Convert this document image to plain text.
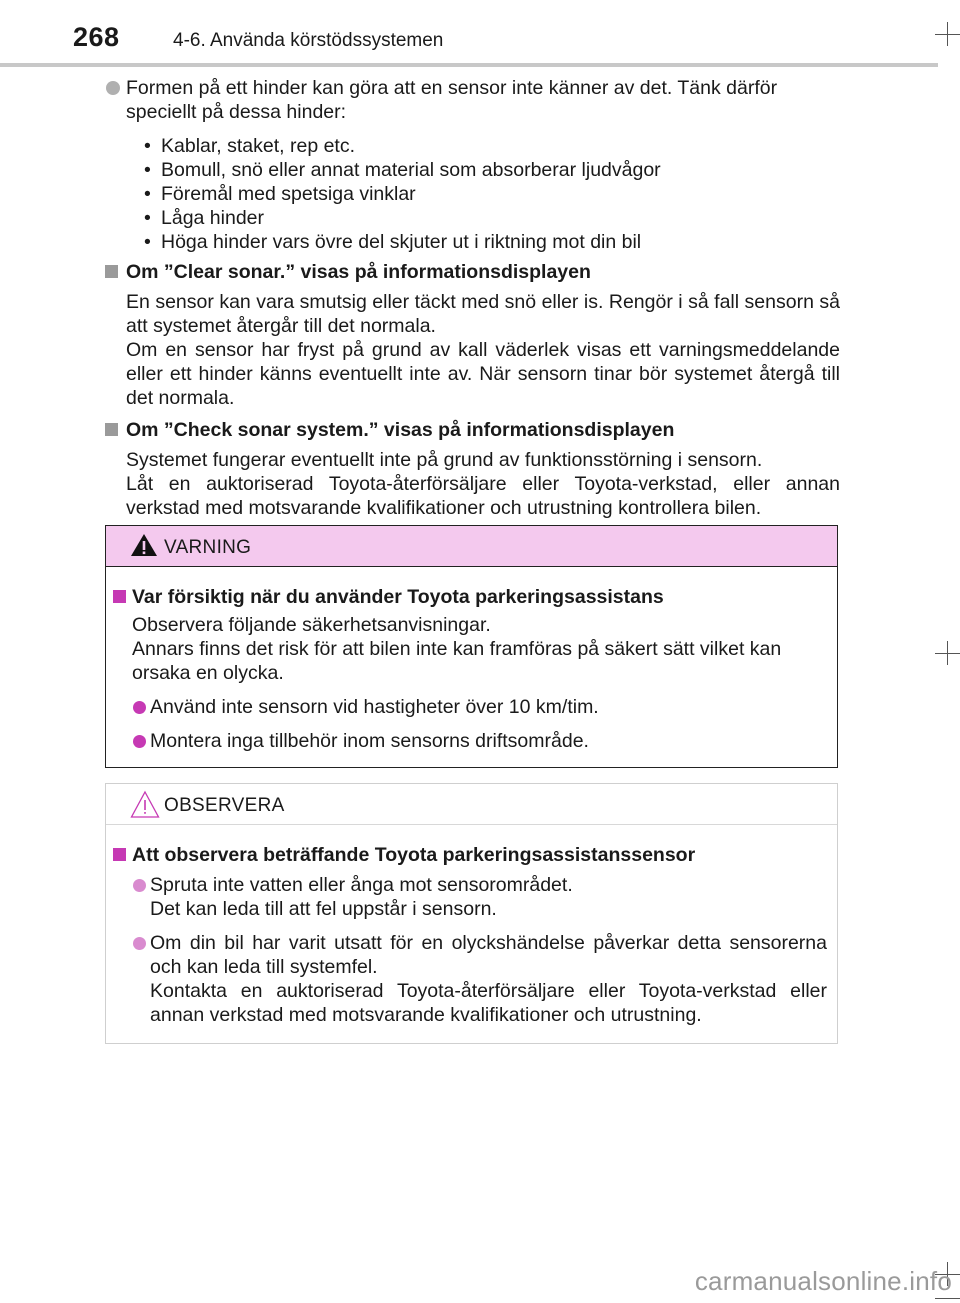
268	4-6. Använda körstödssystemen
Formen på ett hinder kan göra att en sensor inte känner av det. Tänk därför speciellt på dessa hinder:
• Kablar, staket, rep etc.
• Bomull, snö eller annat material som absorberar ljudvågor
• Föremål med spetsiga vinklar
• Låga hinder
• Höga hinder vars övre del skjuter ut i riktning mot din bil
Om ”Clear sonar.” visas på informationsdisplayen

En sensor kan vara smutsig eller täckt med snö eller is. Rengör i så fall sensorn så att systemet återgår till det normala.

Om en sensor har fryst på grund av kall väderlek visas ett varningsmeddelande eller ett hinder känns eventuellt inte av. När sensorn tinar bör systemet återgå till det normala.

Om ”Check sonar system.” visas på informationsdisplayen

Systemet fungerar eventuellt inte på grund av funktionsstörning i sensorn.

Låt en auktoriserad Toyota-återförsäljare eller Toyota-verkstad, eller annan verkstad med motsvarande kvalifikationer och utrustning kontrollera bilen.

VARNING
Var försiktig när du använder Toyota parkeringsassistans

Observera följande säkerhetsanvisningar.

Annars finns det risk för att bilen inte kan framföras på säkert sätt vilket kan orsaka en olycka.

Använd inte sensorn vid hastigheter över 10 km/tim.
Montera inga tillbehör inom sensorns driftsområde.
OBSERVERA
Att observera beträffande Toyota parkeringsassistanssensor

Spruta inte vatten eller ånga mot sensorområdet.

Det kan leda till att fel uppstår i sensorn.

Om din bil har varit utsatt för en olyckshändelse påverkar detta sensorerna och kan leda till systemfel.

Kontakta en auktoriserad Toyota-återförsäljare eller Toyota-verkstad eller annan verkstad med motsvarande kvalifikationer och utrustning.

carmanualsonline.info
